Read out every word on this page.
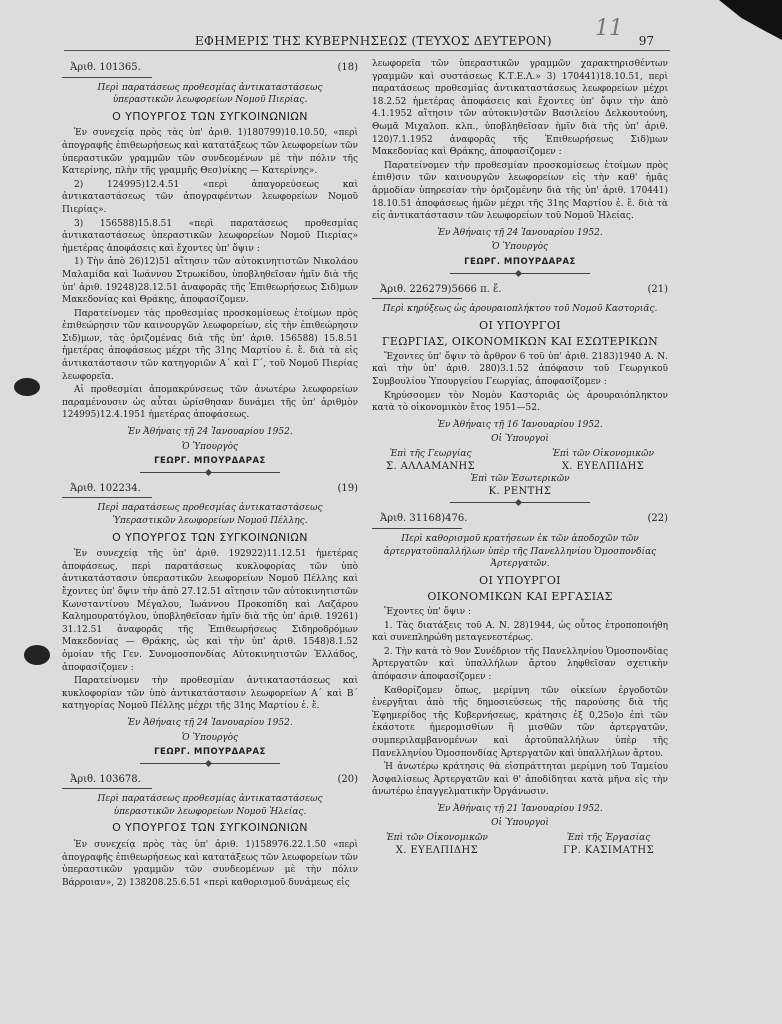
ΕΦΗΜΕΡΙΣ ΤΗΣ ΚΥΒΕΡΝΗΣΕΩΣ (ΤΕΥΧΟΣ ΔΕΥΤΕΡΟΝ) 11 97
Ἀριθ. 101365.	(18)
Περὶ παρατάσεως προθεσμίας ἀντικαταστάσεως ὑπεραστικῶν λεωφορείων Νομοῦ Πιερίας.
Ο ΥΠΟΥΡΓΟΣ ΤΩΝ ΣΥΓΚΟΙΝΩΝΙΩΝ

Ἐν συνεχείᾳ πρὸς τὰς ὑπ' ἀριθ. 1)180799)10.10.50, «περὶ ἀπογραφῆς ἐπιθεωρήσεως καὶ κατατάξεως τῶν λεωφορείων τῶν ὑπεραστικῶν γραμμῶν τῶν συνδεομένων μὲ τὴν πόλιν τῆς Κατερίνης, πλὴν τῆς γραμμῆς Θεσ)νίκης — Κατερίνης».

2) 124995)12.4.51 «περὶ ἀπαγορεύσεως καὶ ἀντικαταστάσεως τῶν ἀπογραφέντων λεωφορείων Νομοῦ Πιερίας».

3) 156588)15.8.51 «περὶ παρατάσεως προθεσμίας ἀντικαταστάσεως ὑπεραστικῶν λεωφορείων Νομοῦ Πιερίας» ἡμετέρας ἀποφάσεις καὶ ἔχοντες ὑπ' ὄψιν :

1) Τὴν ἀπὸ 26)12)51 αἴτησιν τῶν αὐτοκινητιστῶν Νικολάου Μαλαμίδα καὶ Ἰωάννου Στρωκίδου, ὑποβληθεῖσαν ἡμῖν διὰ τῆς ὑπ' ἀριθ. 19248)28.12.51 ἀναφορᾶς τῆς Ἐπιθεωρήσεως Σιδ)μων Μακεδονίας καὶ Θράκης, ἀποφασίζομεν.

Παρατείνομεν τὰς προθεσμίας προσκομίσεως ἑτοίμων πρὸς ἐπιθεώρησιν τῶν καινουργῶν λεωφορείων, εἰς τὴν ἐπιθεώρησιν Σιδ)μων, τὰς ὁριζομένας διὰ τῆς ὑπ' ἀριθ. 156588) 15.8.51 ἡμετέρας ἀποφάσεως μέχρι τῆς 31ης Μαρτίου ἐ. ἔ. διὰ τὰ εἰς ἀντικατάστασιν τῶν κατηγοριῶν Α΄ καὶ Γ΄, τοῦ Νομοῦ Πιερίας λεωφορεῖα.

Αἱ προθεσμίαι ἀπομακρύνσεως τῶν ἀνωτέρω λεωφορείων παραμένουσιν ὡς αὗται ὡρίσθησαν δυνάμει τῆς ὑπ' ἀριθμὸν 124995)12.4.1951 ἡμετέρας ἀποφάσεως.

Ἐν Ἀθήναις τῇ 24 Ἰανουαρίου 1952.
Ὁ Ὑπουργὸς
ΓΕΩΡΓ. ΜΠΟΥΡΔΑΡΑΣ
Ἀριθ. 102234.	(19)
Περὶ παρατάσεως προθεσμίας ἀντικαταστάσεως Ὑπεραστικῶν λεωφορείων Νομοῦ Πέλλης.
Ο ΥΠΟΥΡΓΟΣ ΤΩΝ ΣΥΓΚΟΙΝΩΝΙΩΝ

Ἐν συνεχείᾳ τῆς ὑπ' ἀριθ. 192922)11.12.51 ἡμετέρας ἀποφάσεως, περὶ παρατάσεως κυκλοφορίας τῶν ὑπὸ ἀντικατάστασιν ὑπεραστικῶν λεωφορείων Νομοῦ Πέλλης καὶ ἔχοντες ὑπ' ὄψιν τὴν ἀπὸ 27.12.51 αἴτησιν τῶν αὐτοκινητιστῶν Κωνσταντίνου Μέγαλου, Ἰωάννου Προκοπίδη καὶ Λαζάρου Καλημουρατόγλου, ὑποβληθεῖσαν ἡμῖν διὰ τῆς ὑπ' ἀριθ. 19261) 31.12.51 ἀναφορᾶς τῆς Ἐπιθεωρήσεως Σιδηροδρόμων Μακεδονίας — Θράκης, ὡς καὶ τὴν ὑπ' ἀριθ. 1548)8.1.52 ὁμοίαν τῆς Γεν. Συνομοσπονδίας Αὐτοκινητιστῶν Ἑλλάδος, ἀποφασίζομεν :

Παρατείνομεν τὴν προθεσμίαν ἀντικαταστάσεως καὶ κυκλοφορίαν τῶν ὑπὸ ἀντικατάστασιν λεωφορείων Α΄ καὶ Β΄ κατηγορίας Νομοῦ Πέλλης μέχρι τῆς 31ης Μαρτίου ἐ. ἔ.

Ἐν Ἀθήναις τῇ 24 Ἰανουαρίου 1952.
Ὁ Ὑπουργὸς
ΓΕΩΡΓ. ΜΠΟΥΡΔΑΡΑΣ
Ἀριθ. 103678.	(20)
Περὶ παρατάσεως προθεσμίας ἀντικαταστάσεως ὑπεραστικῶν λεωφορείων Νομοῦ Ἠλείας.
Ο ΥΠΟΥΡΓΟΣ ΤΩΝ ΣΥΓΚΟΙΝΩΝΙΩΝ

Ἐν συνεχείᾳ πρὸς τὰς ὑπ' ἀριθ. 1)158976.22.1.50 «περὶ ἀπογραφῆς ἐπιθεωρήσεως καὶ κατατάξεως τῶν λεωφορείων τῶν ὑπεραστικῶν γραμμῶν τῶν συνδεομένων μὲ τὴν πόλιν Βάρροιαν», 2) 138208.25.6.51 «περὶ καθορισμοῦ δυνάμεως εἰς

λεωφορεῖα τῶν ὑπεραστικῶν γραμμῶν χαρακτηρισθέντων γραμμῶν καὶ συστάσεως Κ.Τ.Ε.Λ.» 3) 170441)18.10.51, περὶ παρατάσεως προθεσμίας ἀντικαταστάσεως λεωφορείων μέχρι 18.2.52 ἡμετέρας ἀποφάσεις καὶ ἔχοντες ὑπ' ὄψιν τὴν ἀπὸ 4.1.1952 αἴτησιν τῶν αὐτοκιν)στῶν Βασιλείου Δελκουτούνη, Θωμᾶ Μιχαλοπ. κλπ., ὑποβληθεῖσαν ἡμῖν διὰ τῆς ὑπ' ἀριθ. 120)7.1.1952 ἀναφορᾶς τῆς Ἐπιθεωρήσεως Σιδ)μων Μακεδονίας καὶ Θράκης, ἀποφασίζομεν :

Παρατείνομεν τὴν προθεσμίαν προσκομίσεως ἑτοίμων πρὸς ἐπιθ)σιν τῶν καινουργῶν λεωφορείων εἰς τὴν καθ' ἡμᾶς ἁρμοδίαν ὑπηρεσίαν τὴν ὁριζομένην διὰ τῆς ὑπ' ἀριθ. 170441) 18.10.51 ἀποφάσεως ἡμῶν μέχρι τῆς 31ης Μαρτίου ἐ. ἔ. διὰ τὰ εἰς ἀντικατάστασιν τῶν λεωφορείων τοῦ Νομοῦ Ἠλείας.

Ἐν Ἀθήναις τῇ 24 Ἰανουαρίου 1952.
Ὁ Ὑπουργὸς
ΓΕΩΡΓ. ΜΠΟΥΡΔΑΡΑΣ
Ἀριθ. 226279)5666 π. ἔ.	(21)
Περὶ κηρύξεως ὡς ἀρουραιοπλήκτου τοῦ Νομοῦ Καστοριᾶς.
ΟΙ ΥΠΟΥΡΓΟΙ
ΓΕΩΡΓΙΑΣ, ΟΙΚΟΝΟΜΙΚΩΝ ΚΑΙ ΕΣΩΤΕΡΙΚΩΝ

Ἔχοντες ὑπ' ὄψιν τὸ ἄρθρον 6 τοῦ ὑπ' ἀριθ. 2183)1940 Α. Ν. καὶ τὴν ὑπ' ἀριθ. 280)3.1.52 ἀπόφασιν τοῦ Γεωργικοῦ Συμβουλίου Ὑπουργείου Γεωργίας, ἀποφασίζομεν :

Κηρύσσομεν τὸν Νομὸν Καστοριᾶς ὡς ἀρουραιόπληκτον κατὰ τὸ οἰκονομικὸν ἔτος 1951—52.

Ἐν Ἀθήναις τῇ 16 Ἰανουαρίου 1952.
Οἱ Ὑπουργοὶ
Ἐπὶ τῆς Γεωργίας
Σ. ΑΛΛΑΜΑΝΗΣ
Ἐπὶ τῶν Οἰκονομικῶν
Χ. ΕΥΕΛΠΙΔΗΣ
Ἐπὶ τῶν Ἐσωτερικῶν
Κ. ΡΕΝΤΗΣ
Ἀριθ. 31168)476.	(22)
Περὶ καθορισμοῦ κρατήσεων ἐκ τῶν ἀποδοχῶν τῶν ἀρτεργατοϋπαλλήλων ὑπὲρ τῆς Πανελληνίου Ὁμοσπονδίας Ἀρτεργατῶν.
ΟΙ ΥΠΟΥΡΓΟΙ
ΟΙΚΟΝΟΜΙΚΩΝ ΚΑΙ ΕΡΓΑΣΙΑΣ

Ἔχοντες ὑπ' ὄψιν :

1. Τὰς διατάξεις τοῦ Α. Ν. 28)1944, ὡς οὗτος ἐτροποποιήθη καὶ συνεπληρώθη μεταγενεστέρως.

2. Τὴν κατὰ τὸ 9ον Συνέδριον τῆς Πανελληνίου Ὁμοσπονδίας Ἀρτεργατῶν καὶ ὑπαλλήλων ἄρτου ληφθεῖσαν σχετικὴν ἀπόφασιν ἀποφασίζομεν :

Καθορίζομεν ὅπως, μερίμνη τῶν οἰκείων ἐργοδοτῶν ἐνεργῆται ἀπὸ τῆς δημοσιεύσεως τῆς παρούσης διὰ τῆς Ἐφημερίδος τῆς Κυβερνήσεως, κράτησις ἐξ 0,25ο)ο ἐπὶ τῶν ἑκάστοτε ἡμερομισθίων ἢ μισθῶν τῶν ἀρτεργατῶν, συμπεριλαμβανομένων καὶ ἀρτοϋπαλλήλων ὑπὲρ τῆς Πανελληνίου Ὁμοσπονδίας Ἀρτεργατῶν καὶ ὑπαλλήλων ἄρτου.

Ἡ ἀνωτέρω κράτησις θὰ εἰσπράττηται μερίμνη τοῦ Ταμείου Ἀσφαλίσεως Ἀρτεργατῶν καὶ θ' ἀποδίδηται κατὰ μῆνα εἰς τὴν ἀνωτέρω ἐπαγγελματικὴν Ὀργάνωσιν.

Ἐν Ἀθήναις τῇ 21 Ἰανουαρίου 1952.
Οἱ Ὑπουργοὶ
Ἐπὶ τῶν Οἰκονομικῶν
Χ. ΕΥΕΛΠΙΔΗΣ
Ἐπὶ τῆς Ἐργασίας
ΓΡ. ΚΑΣΙΜΑΤΗΣ
